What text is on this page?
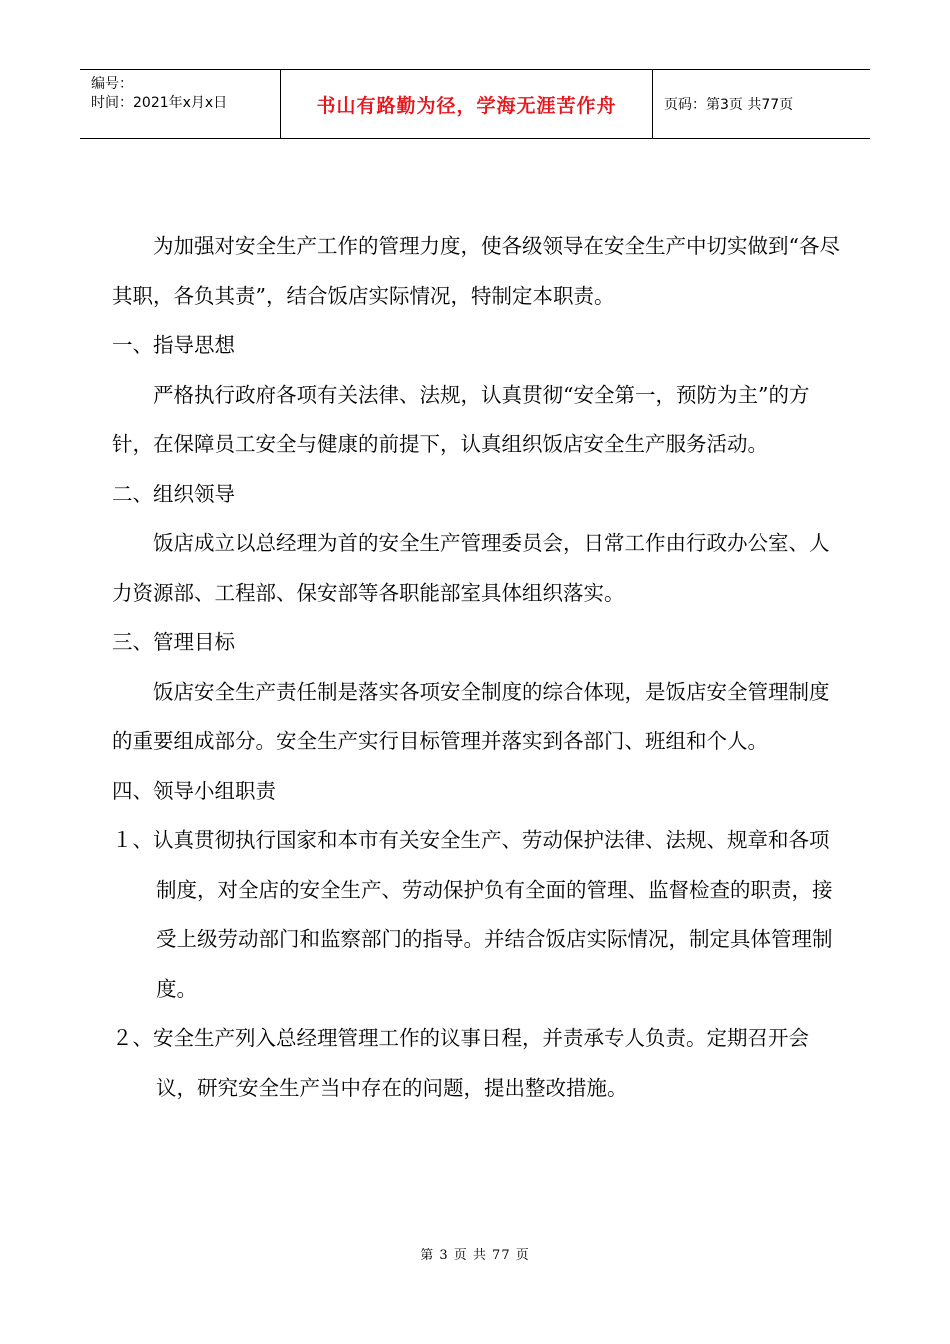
编号：
时间：2021年x月x日	书山有路勤为径，学海无涯苦作舟	页码：第3页 共77页

为加强对安全生产工作的管理力度，使各级领导在安全生产中切实做到“各尽其职，各负其责”，结合饭店实际情况，特制定本职责。

一、指导思想

严格执行政府各项有关法律、法规，认真贯彻“安全第一，预防为主”的方针，在保障员工安全与健康的前提下，认真组织饭店安全生产服务活动。

二、组织领导

饭店成立以总经理为首的安全生产管理委员会，日常工作由行政办公室、人力资源部、工程部、保安部等各职能部室具体组织落实。

三、管理目标

饭店安全生产责任制是落实各项安全制度的综合体现，是饭店安全管理制度的重要组成部分。安全生产实行目标管理并落实到各部门、班组和个人。

四、领导小组职责

１、认真贯彻执行国家和本市有关安全生产、劳动保护法律、法规、规章和各项制度，对全店的安全生产、劳动保护负有全面的管理、监督检查的职责，接受上级劳动部门和监察部门的指导。并结合饭店实际情况，制定具体管理制度。

２、安全生产列入总经理管理工作的议事日程，并责承专人负责。定期召开会议，研究安全生产当中存在的问题，提出整改措施。

第 3 页 共 77 页
